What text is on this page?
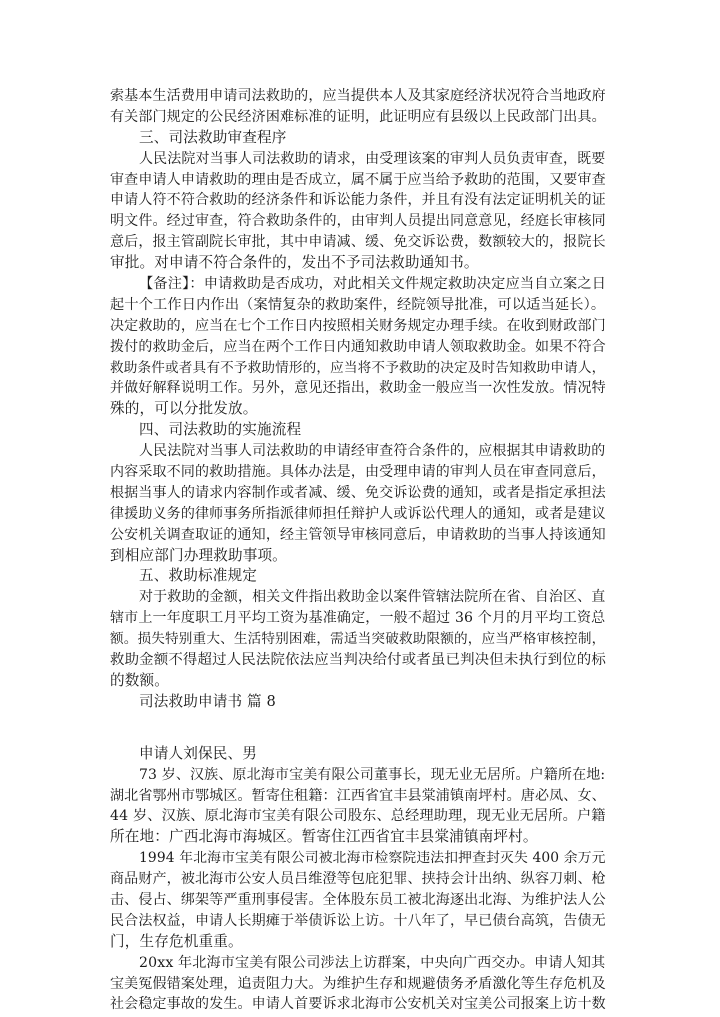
索基本生活费用申请司法救助的，应当提供本人及其家庭经济状况符合当地政府
有关部门规定的公民经济困难标准的证明，此证明应有县级以上民政部门出具。
三、司法救助审查程序
人民法院对当事人司法救助的请求，由受理该案的审判人员负责审查，既要
审查申请人申请救助的理由是否成立，属不属于应当给予救助的范围，又要审查
申请人符不符合救助的经济条件和诉讼能力条件，并且有没有法定证明机关的证
明文件。经过审查，符合救助条件的，由审判人员提出同意意见，经庭长审核同
意后，报主管副院长审批，其中申请减、缓、免交诉讼费，数额较大的，报院长
审批。对申请不符合条件的，发出不予司法救助通知书。
【备注】：申请救助是否成功，对此相关文件规定救助决定应当自立案之日
起十个工作日内作出（案情复杂的救助案件，经院领导批准，可以适当延长）。
决定救助的，应当在七个工作日内按照相关财务规定办理手续。在收到财政部门
拨付的救助金后，应当在两个工作日内通知救助申请人领取救助金。如果不符合
救助条件或者具有不予救助情形的，应当将不予救助的决定及时告知救助申请人，
并做好解释说明工作。另外，意见还指出，救助金一般应当一次性发放。情况特
殊的，可以分批发放。
四、司法救助的实施流程
人民法院对当事人司法救助的申请经审查符合条件的，应根据其申请救助的
内容采取不同的救助措施。具体办法是，由受理申请的审判人员在审查同意后，
根据当事人的请求内容制作或者减、缓、免交诉讼费的通知，或者是指定承担法
律援助义务的律师事务所指派律师担任辩护人或诉讼代理人的通知，或者是建议
公安机关调查取证的通知，经主管领导审核同意后，申请救助的当事人持该通知
到相应部门办理救助事项。
五、救助标准规定
对于救助的金额，相关文件指出救助金以案件管辖法院所在省、自治区、直
辖市上一年度职工月平均工资为基准确定，一般不超过 36 个月的月平均工资总
额。损失特别重大、生活特别困难，需适当突破救助限额的，应当严格审核控制，
救助金额不得超过人民法院依法应当判决给付或者虽已判决但未执行到位的标
的数额。
司法救助申请书 篇 8
申请人刘保民、男
73 岁、汉族、原北海市宝美有限公司董事长，现无业无居所。户籍所在地:
湖北省鄂州市鄂城区。暂寄住租籍：江西省宜丰县棠浦镇南坪村。唐必凤、女、
44 岁、汉族、原北海市宝美有限公司股东、总经理助理，现无业无居所。户籍
所在地：广西北海市海城区。暂寄住江西省宜丰县棠浦镇南坪村。
1994 年北海市宝美有限公司被北海市检察院违法扣押查封灭失 400 余万元
商品财产，被北海市公安人员吕维澄等包庇犯罪、挟持会计出纳、纵容刀刺、枪
击、侵占、绑架等严重刑事侵害。全体股东员工被北海逐出北海、为维护法人公
民合法权益，申请人长期瘫于举债诉讼上访。十八年了，早已债台高筑，告债无
门，生存危机重重。
20xx 年北海市宝美有限公司涉法上访群案，中央向广西交办。申请人知其
宝美冤假错案处理，追责阻力大。为维护生存和规避债务矛盾激化等生存危机及
社会稳定事故的发生。申请人首要诉求北海市公安机关对宝美公司报案上访十数
